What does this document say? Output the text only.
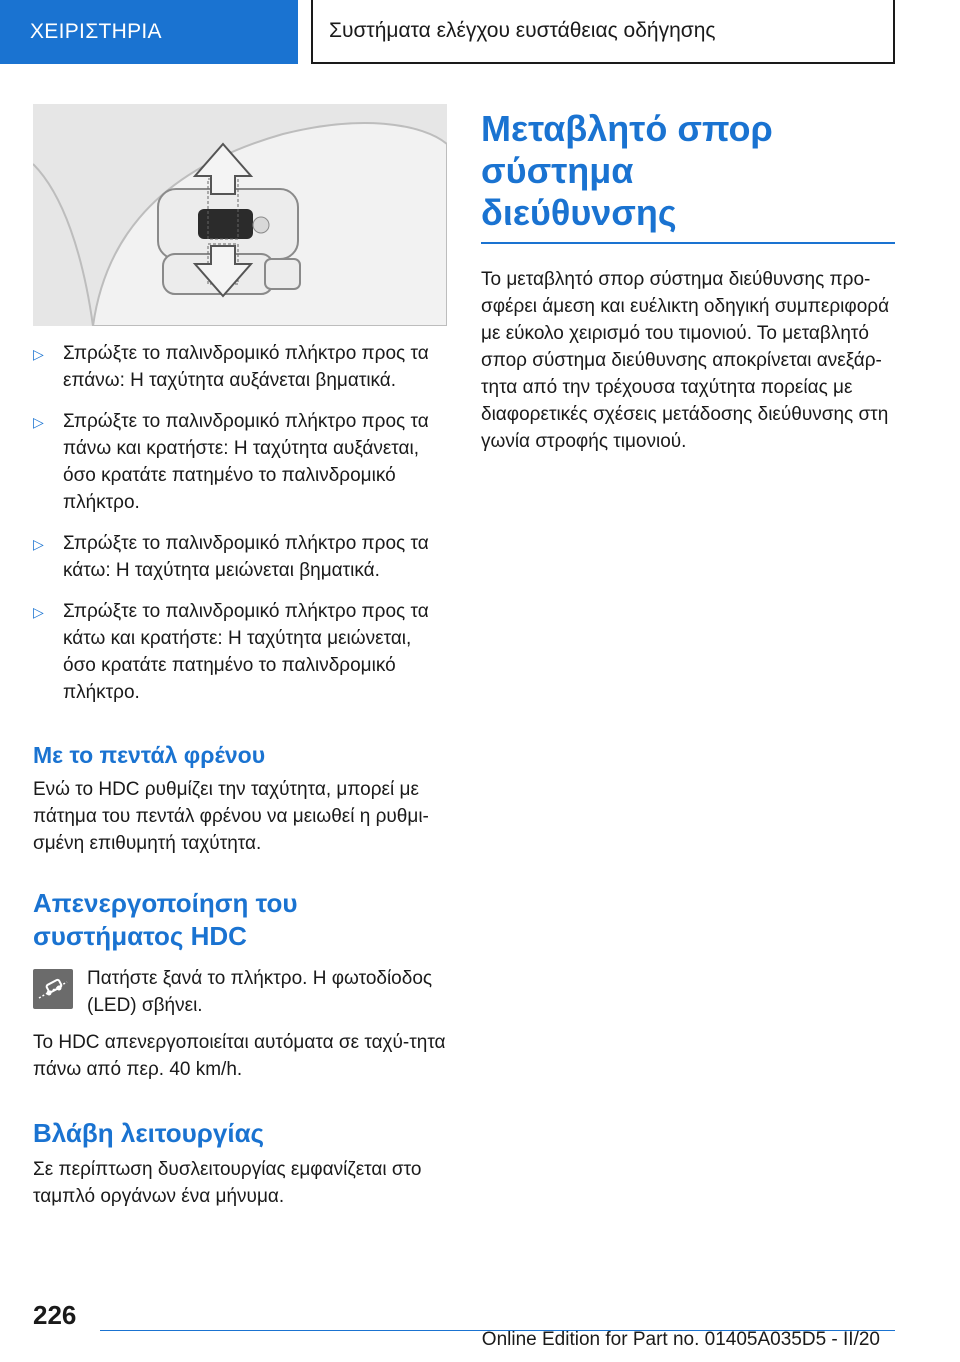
ΧΕΙΡΙΣΤΗΡΙΑ	Συστήματα ελέγχου ευστάθειας οδήγησης
▷	Σπρώξτε το παλινδρομικό πλήκτρο προς τα επάνω: Η ταχύτητα αυξάνεται βηματικά.
▷	Σπρώξτε το παλινδρομικό πλήκτρο προς τα πάνω και κρατήστε: Η ταχύτητα αυξάνεται, όσο κρατάτε πατημένο το παλινδρομικό πλήκτρο.
▷	Σπρώξτε το παλινδρομικό πλήκτρο προς τα κάτω: Η ταχύτητα μειώνεται βηματικά.
▷	Σπρώξτε το παλινδρομικό πλήκτρο προς τα κάτω και κρατήστε: Η ταχύτητα μειώνεται, όσο κρατάτε πατημένο το παλινδρομικό πλήκτρο.
Με το πεντάλ φρένου
Ενώ το HDC ρυθμίζει την ταχύτητα, μπορεί με πάτημα του πεντάλ φρένου να μειωθεί η ρυθμι-σμένη επιθυμητή ταχύτητα.
Απενεργοποίηση του
συστήματος HDC
Πατήστε ξανά το πλήκτρο. Η φωτοδίοδος (LED) σβήνει.
Το HDC απενεργοποιείται αυτόματα σε ταχύ-τητα πάνω από περ. 40 km/h.
Βλάβη λειτουργίας
Σε περίπτωση δυσλειτουργίας εμφανίζεται στο ταμπλό οργάνων ένα μήνυμα.
Μεταβλητό σπορ σύστημα
διεύθυνσης
Το μεταβλητό σπορ σύστημα διεύθυνσης προ-σφέρει άμεση και ευέλικτη οδηγική συμπεριφορά με εύκολο χειρισμό του τιμονιού. Το μεταβλητό σπορ σύστημα διεύθυνσης αποκρίνεται ανεξάρ-τητα από την τρέχουσα ταχύτητα πορείας με διαφορετικές σχέσεις μετάδοσης διεύθυνσης στη γωνία στροφής τιμονιού.
226
Online Edition for Part no. 01405A035D5 - II/20
